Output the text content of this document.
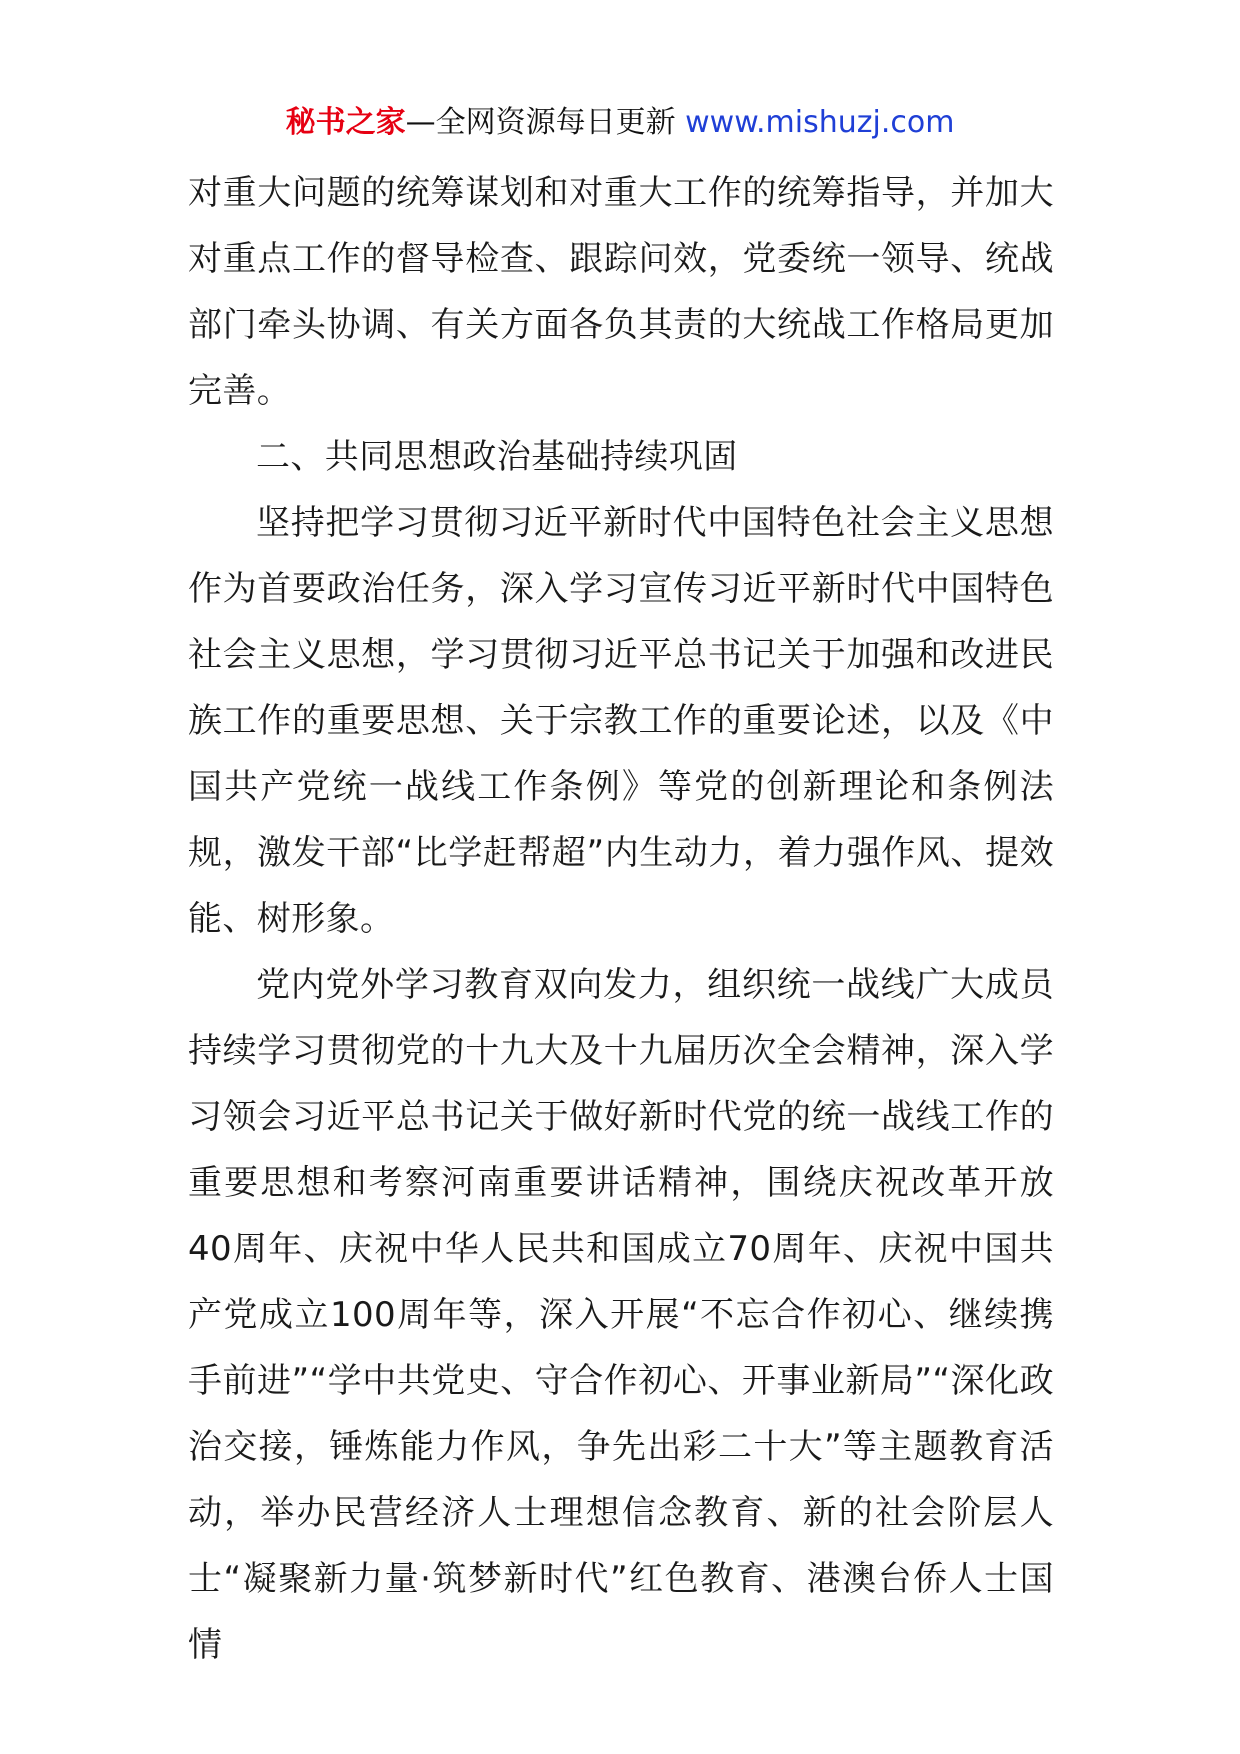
秘书之家—全网资源每日更新 www.mishuzj.com

对重大问题的统筹谋划和对重大工作的统筹指导，并加大对重点工作的督导检查、跟踪问效，党委统一领导、统战部门牵头协调、有关方面各负其责的大统战工作格局更加完善。

二、共同思想政治基础持续巩固

坚持把学习贯彻习近平新时代中国特色社会主义思想作为首要政治任务，深入学习宣传习近平新时代中国特色社会主义思想，学习贯彻习近平总书记关于加强和改进民族工作的重要思想、关于宗教工作的重要论述，以及《中国共产党统一战线工作条例》等党的创新理论和条例法规，激发干部“比学赶帮超”内生动力，着力强作风、提效能、树形象。

党内党外学习教育双向发力，组织统一战线广大成员持续学习贯彻党的十九大及十九届历次全会精神，深入学习领会习近平总书记关于做好新时代党的统一战线工作的重要思想和考察河南重要讲话精神，围绕庆祝改革开放40周年、庆祝中华人民共和国成立70周年、庆祝中国共产党成立100周年等，深入开展“不忘合作初心、继续携手前进”“学中共党史、守合作初心、开事业新局”“深化政治交接，锤炼能力作风，争先出彩二十大”等主题教育活动，举办民营经济人士理想信念教育、新的社会阶层人士“凝聚新力量·筑梦新时代”红色教育、港澳台侨人士国情
